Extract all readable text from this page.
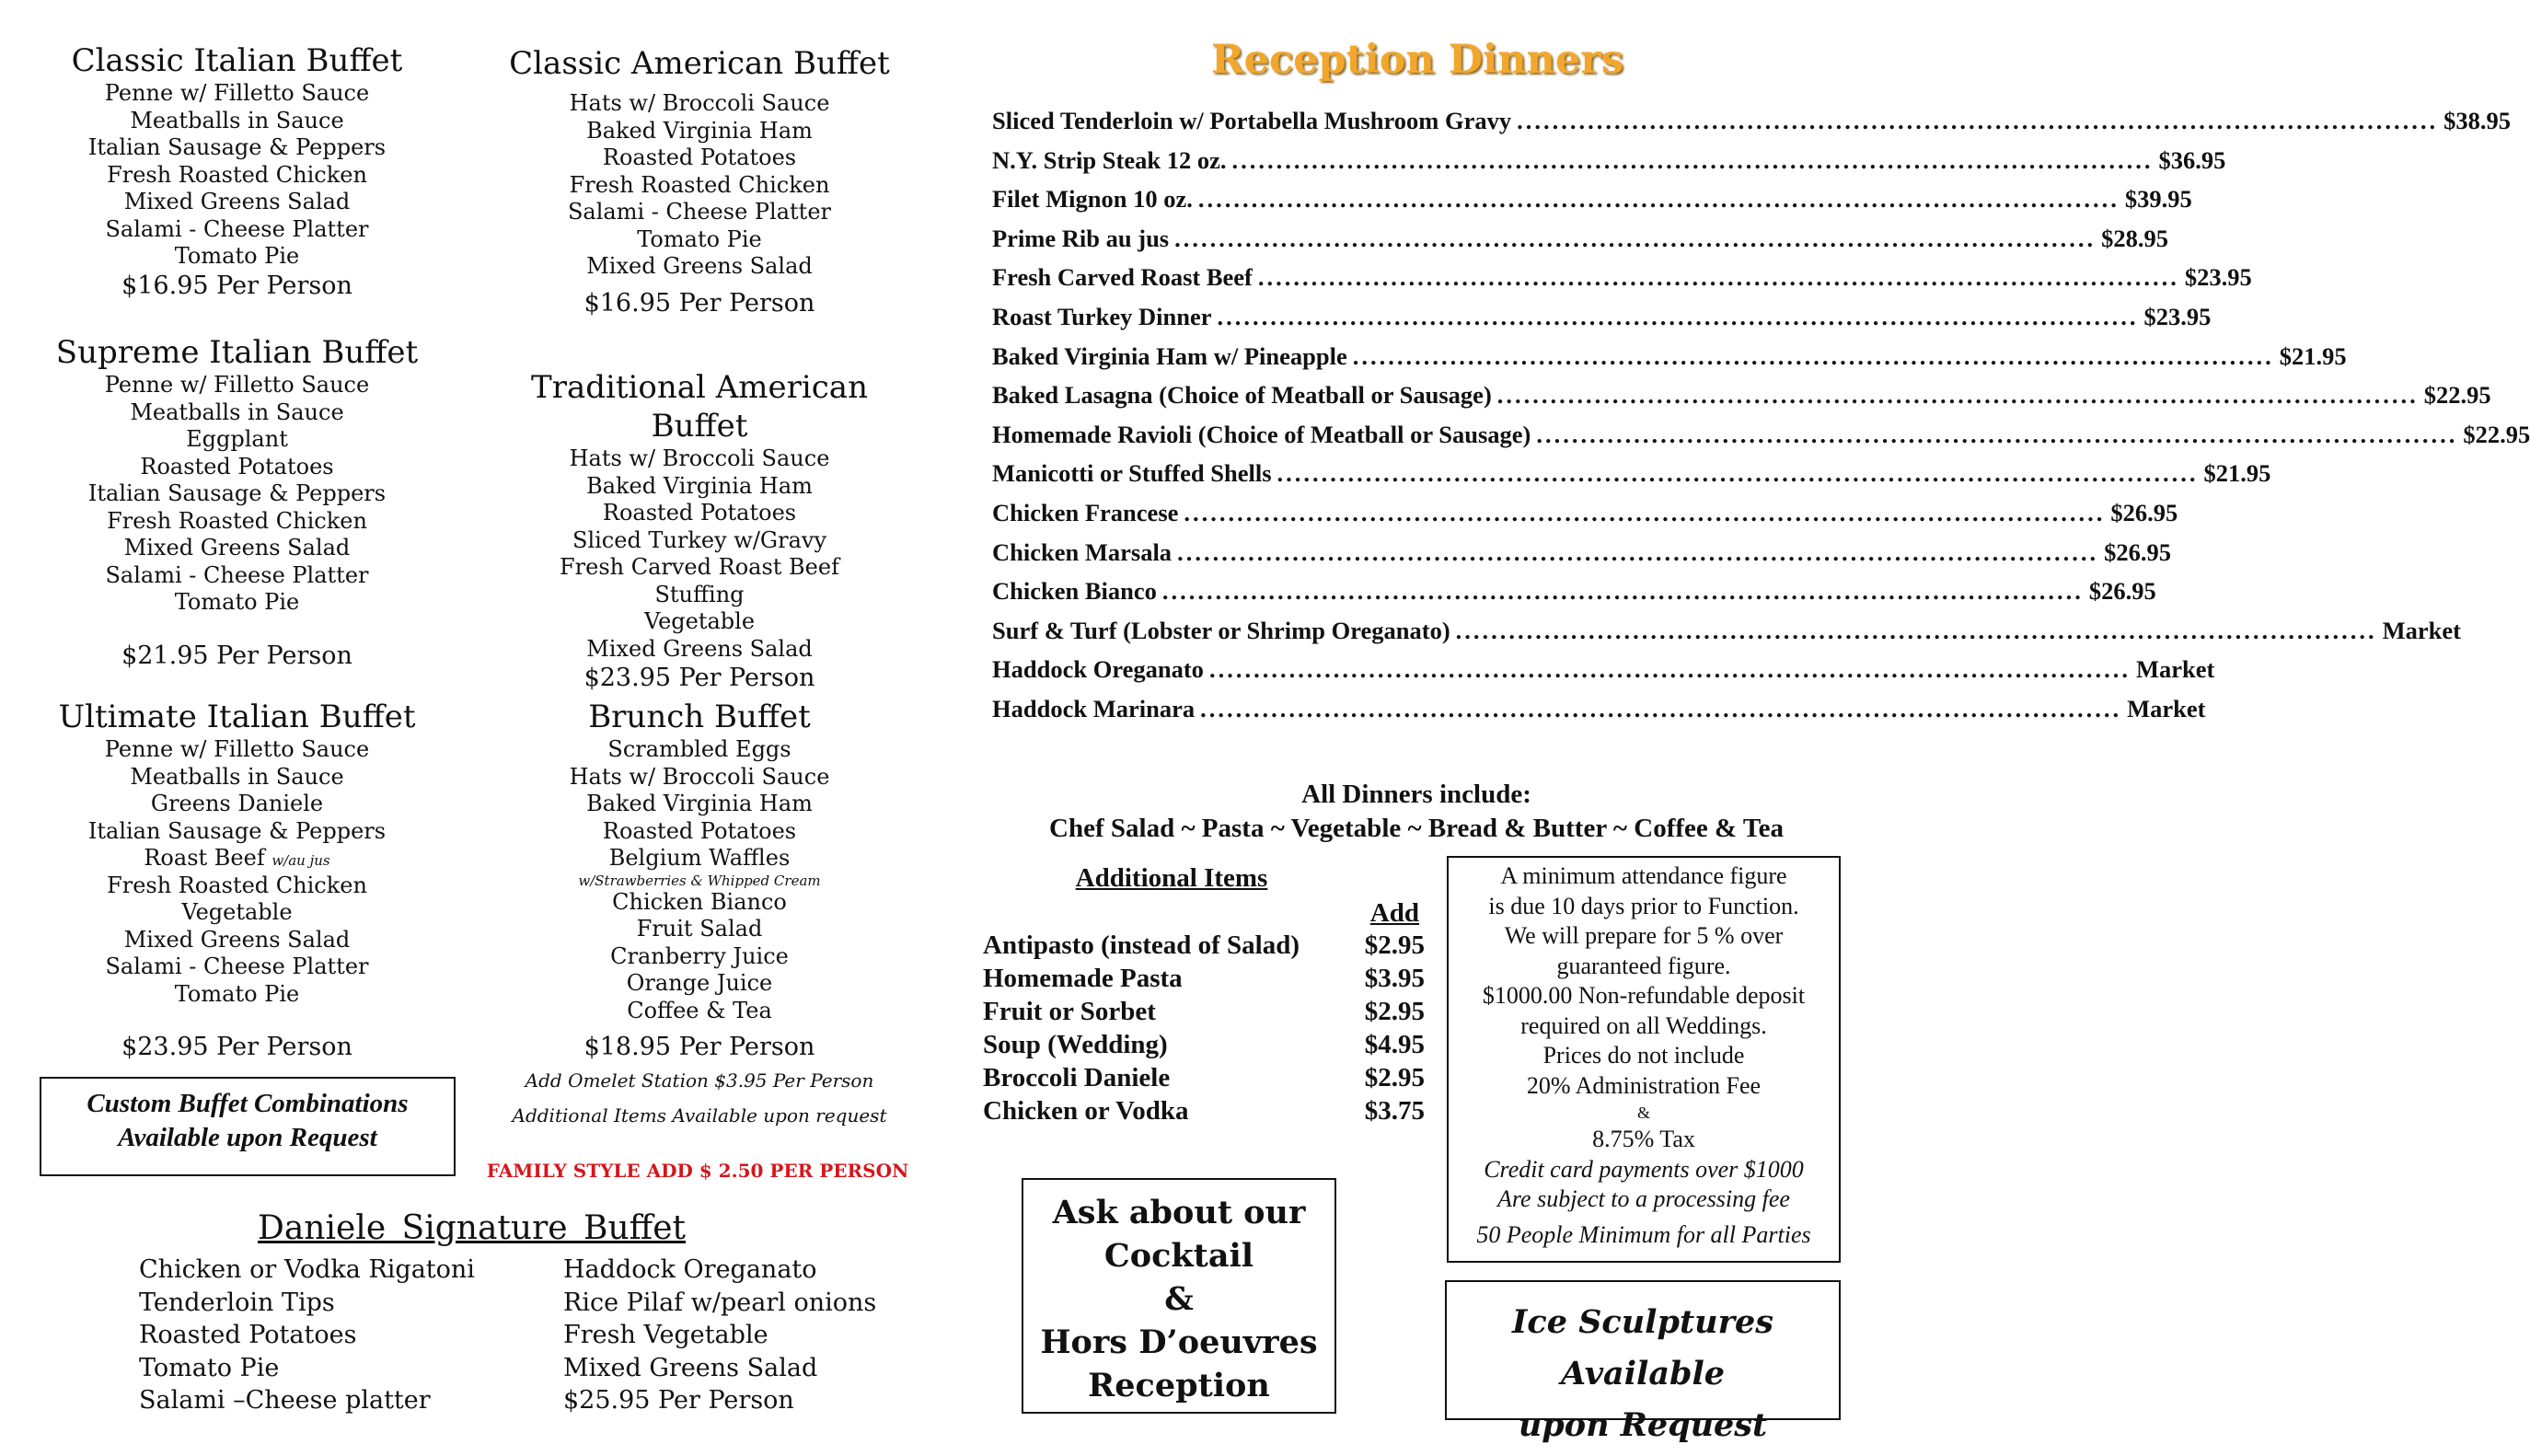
Classic Italian Buffet
Penne w/ Filletto Sauce
Meatballs in Sauce
Italian Sausage & Peppers
Fresh Roasted Chicken
Mixed Greens Salad
Salami - Cheese Platter
Tomato Pie
$16.95 Per Person
Supreme Italian Buffet
Penne w/ Filletto Sauce
Meatballs in Sauce
Eggplant
Roasted Potatoes
Italian Sausage & Peppers
Fresh Roasted Chicken
Mixed Greens Salad
Salami - Cheese Platter
Tomato Pie
$21.95 Per Person
Ultimate Italian Buffet
Penne w/ Filletto Sauce
Meatballs in Sauce
Greens Daniele
Italian Sausage & Peppers
Roast Beef w/au jus
Fresh Roasted Chicken
Vegetable
Mixed Greens Salad
Salami - Cheese Platter
Tomato Pie
$23.95 Per Person
Custom Buffet Combinations
Available upon Request
Classic American Buffet
Hats w/ Broccoli Sauce
Baked Virginia Ham
Roasted Potatoes
Fresh Roasted Chicken
Salami - Cheese Platter
Tomato Pie
Mixed Greens Salad
$16.95 Per Person
Traditional American Buffet
Hats w/ Broccoli Sauce
Baked Virginia Ham
Roasted Potatoes
Sliced Turkey w/Gravy
Fresh Carved Roast Beef
Stuffing
Vegetable
Mixed Greens Salad
$23.95 Per Person
Brunch Buffet
Scrambled Eggs
Hats w/ Broccoli Sauce
Baked Virginia Ham
Roasted Potatoes
Belgium Waffles
w/Strawberries & Whipped Cream
Chicken Bianco
Fruit Salad
Cranberry Juice
Orange Juice
Coffee & Tea
$18.95 Per Person
Add Omelet Station $3.95 Per Person
Additional Items Available upon request
FAMILY STYLE ADD $ 2.50 PER PERSON
Daniele Signature Buffet
Chicken or Vodka Rigatoni
Tenderloin Tips
Roasted Potatoes
Tomato Pie
Salami –Cheese platter
Haddock Oreganato
Rice Pilaf w/pearl onions
Fresh Vegetable
Mixed Greens Salad
$25.95 Per Person
Reception Dinners
Sliced Tenderloin w/ Portabella Mushroom Gravy ........................................................................................................ $38.95
N.Y. Strip Steak 12 oz. ........................................................................................................ $36.95
Filet Mignon 10 oz. ........................................................................................................ $39.95
Prime Rib au jus ........................................................................................................ $28.95
Fresh Carved Roast Beef ........................................................................................................ $23.95
Roast Turkey Dinner ........................................................................................................ $23.95
Baked Virginia Ham w/ Pineapple ........................................................................................................ $21.95
Baked Lasagna (Choice of Meatball or Sausage) ........................................................................................................ $22.95
Homemade Ravioli (Choice of Meatball or Sausage) ........................................................................................................ $22.95
Manicotti or Stuffed Shells ........................................................................................................ $21.95
Chicken Francese ........................................................................................................ $26.95
Chicken Marsala ........................................................................................................ $26.95
Chicken Bianco ........................................................................................................ $26.95
Surf & Turf (Lobster or Shrimp Oreganato) ........................................................................................................ Market
Haddock Oreganato ........................................................................................................ Market
Haddock Marinara ........................................................................................................ Market
All Dinners include:
Chef Salad ~ Pasta ~ Vegetable ~ Bread & Butter ~ Coffee & Tea
Additional Items
Add
Antipasto (instead of Salad) $2.95
Homemade Pasta	$3.95
Fruit or Sorbet	$2.95
Soup (Wedding)	$4.95
Broccoli Daniele	$2.95
Chicken or Vodka	$3.75
A minimum attendance figure
is due 10 days prior to Function.
We will prepare for 5 % over
guaranteed figure.
$1000.00 Non-refundable deposit
required on all Weddings.
Prices do not include
20% Administration Fee
&
8.75% Tax
Credit card payments over $1000
Are subject to a processing fee
50 People Minimum for all Parties
Ask about our
Cocktail
&
Hors D’oeuvres
Reception
Ice Sculptures Available
upon Request
